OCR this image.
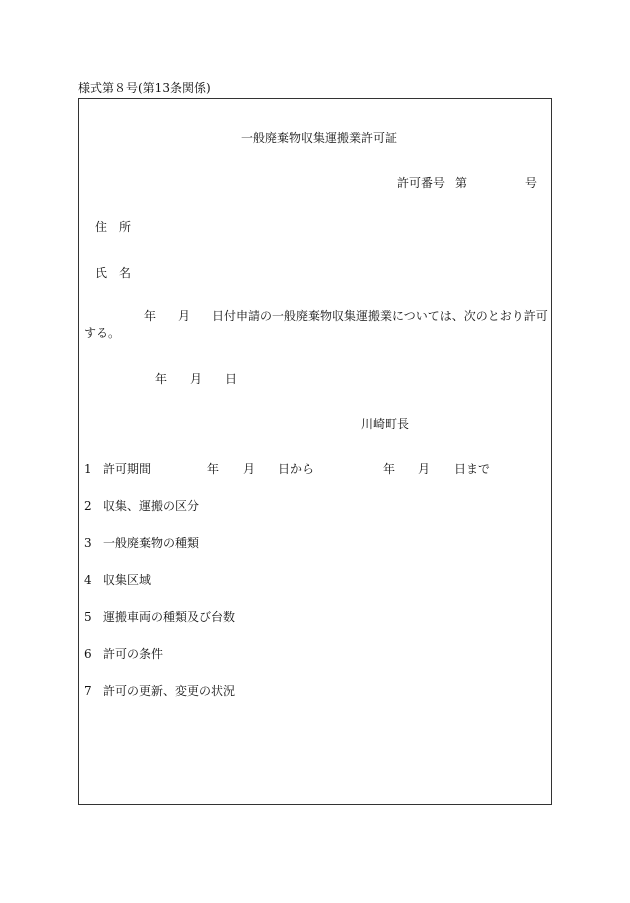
様式第８号(第13条関係)
一般廃棄物収集運搬業許可証
許可番号 第	号
住　所
氏　名
年 月 日付申請の一般廃棄物収集運搬業については、次のとおり許可する。
年 月 日
川崎町長
1 許可期間	年 月 日から	年 月 日まで
2 収集、運搬の区分
3 一般廃棄物の種類
4 収集区域
5 運搬車両の種類及び台数
6 許可の条件
7 許可の更新、変更の状況
